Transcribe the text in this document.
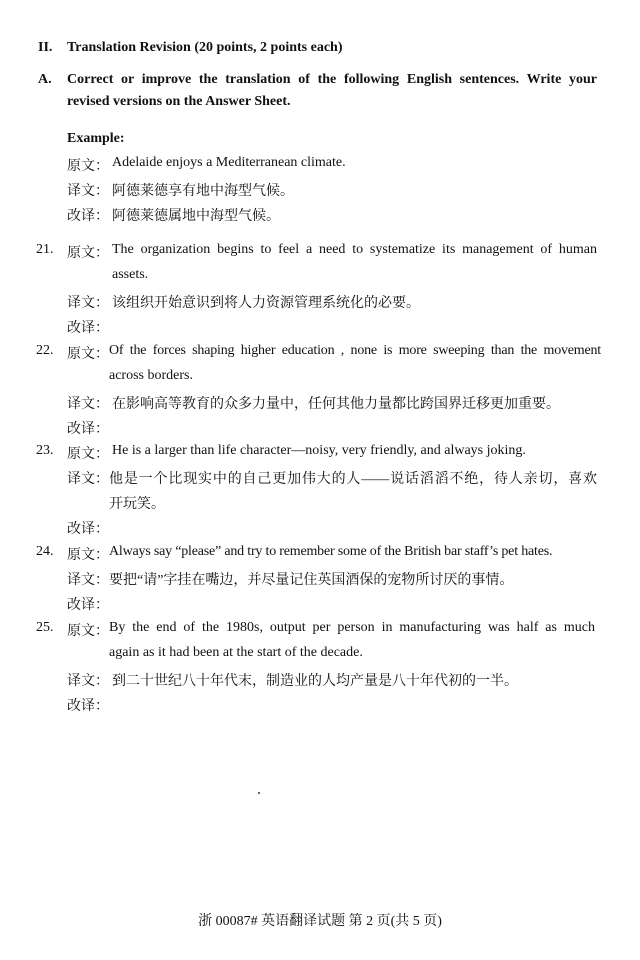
II. Translation Revision (20 points, 2 points each)
A. Correct or improve the translation of the following English sentences. Write your
revised versions on the Answer Sheet.
Example:
原文： Adelaide enjoys a Mediterranean climate.
译文： 阿德莱德享有地中海型气候。
改译： 阿德莱德属地中海型气候。
21. 原文： The organization begins to feel a need to systematize its management of human
assets.
译文： 该组织开始意识到将人力资源管理系统化的必要。
改译：
22. 原文： Of the forces shaping higher education , none is more sweeping than the movement
across borders.
译文： 在影响高等教育的众多力量中，任何其他力量都比跨国界迁移更加重要。
改译：
23. 原文： He is a larger than life character—noisy, very friendly, and always joking.
译文： 他是一个比现实中的自己更加伟大的人——说话滔滔不绝，待人亲切，喜欢
开玩笑。
改译：
24. 原文： Always say “please” and try to remember some of the British bar staff’s pet hates.
译文： 要把“请”字挂在嘴边，并尽量记住英国酒保的宠物所讨厌的事情。
改译：
25. 原文： By the end of the 1980s, output per person in manufacturing was half as much
again as it had been at the start of the decade.
译文： 到二十世纪八十年代末，制造业的人均产量是八十年代初的一半。
改译：
浙 00087# 英语翻译试题 第 2 页(共 5 页)
